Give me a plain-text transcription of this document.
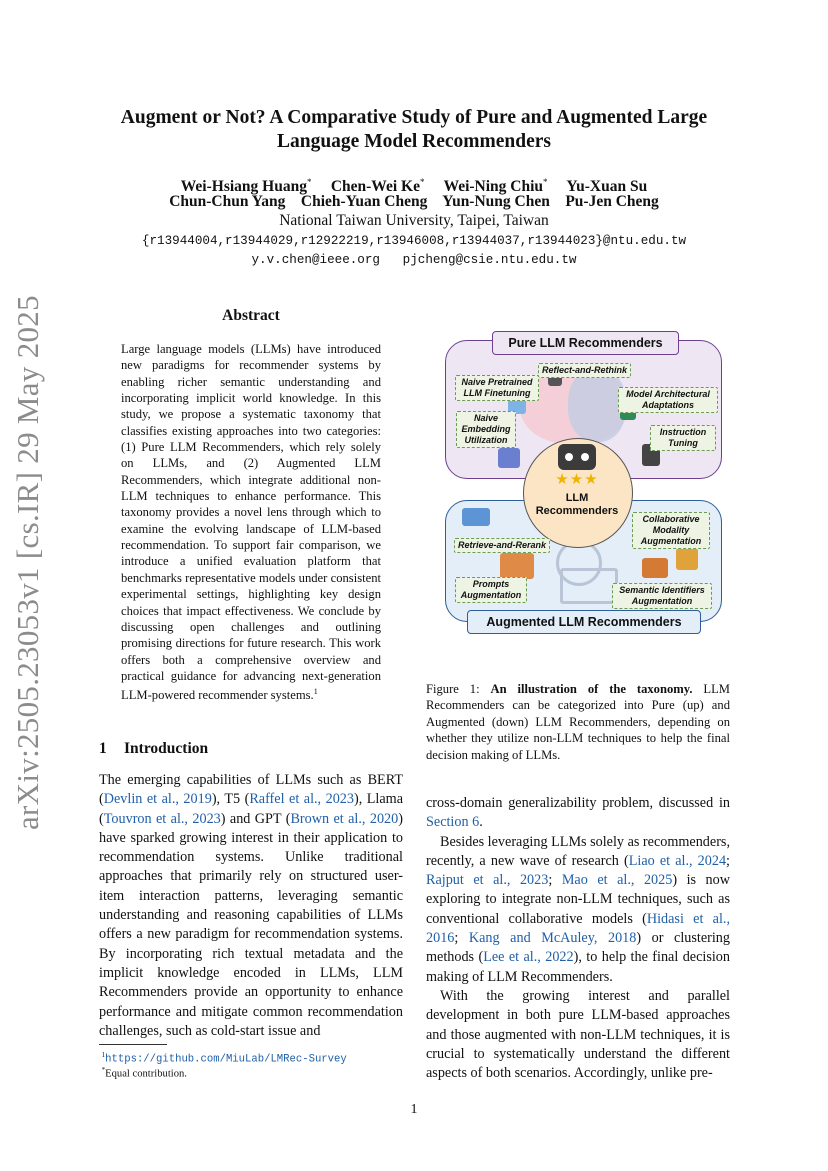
arXiv:2505.23053v1 [cs.IR] 29 May 2025
Augment or Not? A Comparative Study of Pure and Augmented Large
Language Model Recommenders
Wei-Hsiang Huang* Chen-Wei Ke* Wei-Ning Chiu* Yu-Xuan Su
Chun-Chun Yang Chieh-Yuan Cheng Yun-Nung Chen Pu-Jen Cheng
National Taiwan University, Taipei, Taiwan
{r13944004,r13944029,r12922219,r13946008,r13944037,r13944023}@ntu.edu.tw
y.v.chen@ieee.org   pjcheng@csie.ntu.edu.tw
Abstract
Large language models (LLMs) have introduced new paradigms for recommender systems by enabling richer semantic understanding and incorporating implicit world knowledge. In this study, we propose a systematic taxonomy that classifies existing approaches into two categories: (1) Pure LLM Recommenders, which rely solely on LLMs, and (2) Augmented LLM Recommenders, which integrate additional non-LLM techniques to enhance performance. This taxonomy provides a novel lens through which to examine the evolving landscape of LLM-based recommendation. To support fair comparison, we introduce a unified evaluation platform that benchmarks representative models under consistent experimental settings, highlighting key design choices that impact effectiveness. We conclude by discussing open challenges and outlining promising directions for future research. This work offers both a comprehensive overview and practical guidance for advancing next-generation LLM-powered recommender systems.$^1$
1 Introduction

The emerging capabilities of LLMs such as BERT (Devlin et al., 2019), T5 (Raffel et al., 2023), Llama (Touvron et al., 2023) and GPT (Brown et al., 2020) have sparked growing interest in their application to recommendation systems. Unlike traditional approaches that primarily rely on structured user-item interaction patterns, leveraging semantic understanding and reasoning capabilities of LLMs offers a new paradigm for recommendation systems. By incorporating rich textual metadata and the implicit knowledge encoded in LLMs, LLM Recommenders provide an opportunity to enhance performance and mitigate common recommendation challenges, such as cold-start issue and

$^1$https://github.com/MiuLab/LMRec-Survey
*Equal contribution.
Pure LLM Recommenders
Augmented LLM Recommenders
★★★
LLM
Recommenders
Reflect-and-Rethink
Naive Pretrained LLM Finetuning	Model Architectural Adaptations
Naive Embedding Utilization
Instruction Tuning
Retrieve-and-Rerank
Collaborative Modality Augmentation
Prompts Augmentation	Semantic Identifiers Augmentation
Figure 1: An illustration of the taxonomy. LLM Recommenders can be categorized into Pure (up) and Augmented (down) LLM Recommenders, depending on whether they utilize non-LLM techniques to help the final decision making of LLMs.

cross-domain generalizability problem, discussed in Section 6.

Besides leveraging LLMs solely as recommenders, recently, a new wave of research (Liao et al., 2024; Rajput et al., 2023; Mao et al., 2025) is now exploring to integrate non-LLM techniques, such as conventional collaborative models (Hidasi et al., 2016; Kang and McAuley, 2018) or clustering methods (Lee et al., 2022), to help the final decision making of LLM Recommenders.

With the growing interest and parallel development in both pure LLM-based approaches and those augmented with non-LLM techniques, it is crucial to systematically understand the different aspects of both scenarios. Accordingly, unlike pre-

1
